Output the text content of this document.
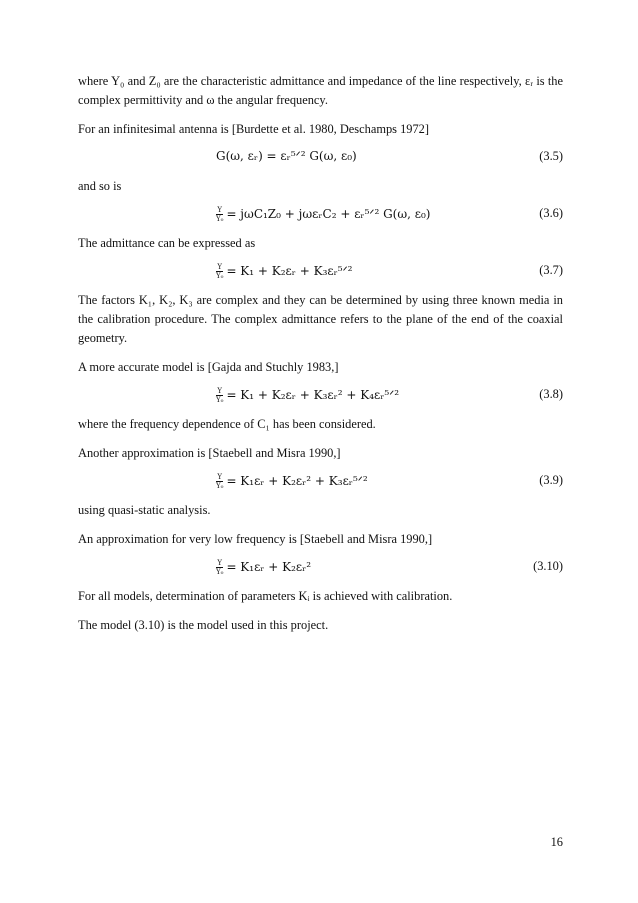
where Y₀ and Z₀ are the characteristic admittance and impedance of the line respectively, εᵣ is the complex permittivity and ω the angular frequency.

For an infinitesimal antenna is [Burdette et al. 1980, Deschamps 1972]

G(ω, εᵣ) = εᵣ⁵ᐟ² G(ω, ε₀)	(3.5)

and so is

$\frac{Y}{\text{Y₀}} = j\omega C_1Z_0$ + jωεᵣC₂ + εᵣ⁵ᐟ² G(ω, ε₀)	(3.6)

The admittance can be expressed as

$\frac{Y}{\text{Y₀}} = K_1$ + K₂εᵣ + K₃εᵣ⁵ᐟ²	(3.7)

The factors K₁, K₂, K₃ are complex and they can be determined by using three known media in the calibration procedure. The complex admittance refers to the plane of the end of the coaxial geometry.

A more accurate model is [Gajda and Stuchly 1983,]

$\frac{Y}{\text{Y₀}} = K_1$ + K₂εᵣ + K₃εᵣ² + K₄εᵣ⁵ᐟ²	(3.8)

where the frequency dependence of C₁ has been considered.

Another approximation is [Staebell and Misra 1990,]

$\frac{Y}{\text{Y₀}}$ = K₁εᵣ + K₂εᵣ² + K₃εᵣ⁵ᐟ²	(3.9)

using quasi-static analysis.

An approximation for very low frequency is [Staebell and Misra 1990,]

$\frac{Y}{\text{Y₀}}$ = K₁εᵣ + K₂εᵣ²	(3.10)

For all models, determination of parameters Kᵢ is achieved with calibration.

The model (3.10) is the model used in this project.

16
